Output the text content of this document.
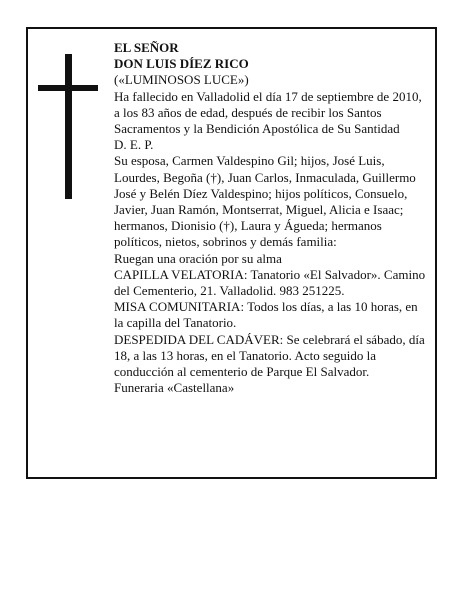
EL SEÑOR

DON LUIS DÍEZ RICO

(«LUMINOSOS LUCE»)

Ha fallecido en Valladolid el día 17 de septiembre de 2010, a los 83 años de edad, después de recibir los Santos Sacramentos y la Bendición Apostólica de Su Santidad

D. E. P.

Su esposa, Carmen Valdespino Gil; hijos, José Luis, Lourdes, Begoña (†), Juan Carlos, Inmaculada, Guillermo José y Belén Díez Valdespino; hijos políticos, Consuelo, Javier, Juan Ramón, Montserrat, Miguel, Alicia e Isaac; hermanos, Dionisio (†), Laura y Águeda; hermanos políticos, nietos, sobrinos y demás familia:

Ruegan una oración por su alma

CAPILLA VELATORIA: Tanatorio «El Salvador». Camino del Cementerio, 21. Valladolid. 983 251225.

MISA COMUNITARIA: Todos los días, a las 10 horas, en la capilla del Tanatorio.

DESPEDIDA DEL CADÁVER: Se celebrará el sábado, día 18, a las 13 horas, en el Tanatorio. Acto seguido la conducción al cementerio de Parque El Salvador.

Funeraria «Castellana»
